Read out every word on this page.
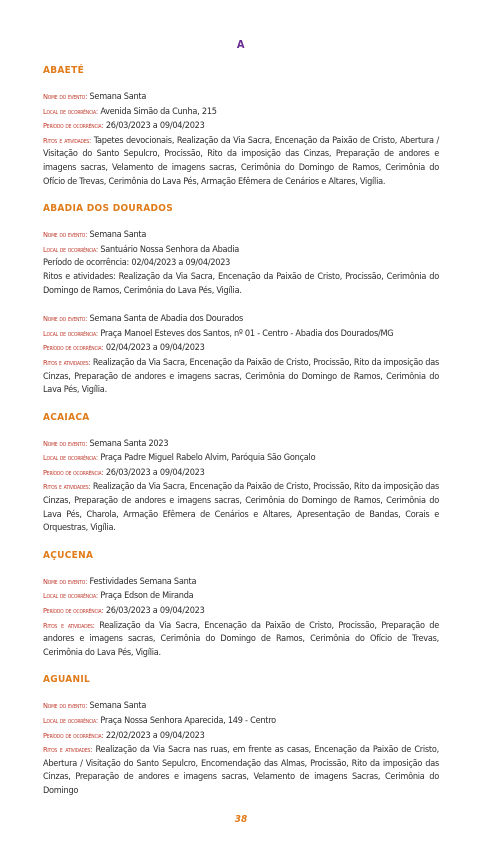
A
ABAETÉ
Nome do evento: Semana Santa
Local de ocorrência: Avenida Simão da Cunha, 215
Período de ocorrência: 26/03/2023 a 09/04/2023
Ritos e atividades: Tapetes devocionais, Realização da Via Sacra, Encenação da Paixão de Cristo, Abertura / Visitação do Santo Sepulcro, Procissão, Rito da imposição das Cinzas, Preparação de andores e imagens sacras, Velamento de imagens sacras, Cerimônia do Domingo de Ramos, Cerimônia do Ofício de Trevas, Cerimônia do Lava Pés, Armação Efêmera de Cenários e Altares, Vigília.
ABADIA DOS DOURADOS
Nome do evento: Semana Santa
Local de ocorrência: Santuário Nossa Senhora da Abadia
Período de ocorrência: 02/04/2023 a 09/04/2023
Ritos e atividades: Realização da Via Sacra, Encenação da Paixão de Cristo, Procissão, Cerimônia do Domingo de Ramos, Cerimônia do Lava Pés, Vigília.
Nome do evento: Semana Santa de Abadia dos Dourados
Local de ocorrência: Praça Manoel Esteves dos Santos, nº 01 - Centro - Abadia dos Dourados/MG
Período de ocorrência: 02/04/2023 a 09/04/2023
Ritos e atividades: Realização da Via Sacra, Encenação da Paixão de Cristo, Procissão, Rito da imposição das Cinzas, Preparação de andores e imagens sacras, Cerimônia do Domingo de Ramos, Cerimônia do Lava Pés, Vigília.
ACAIACA
Nome do evento: Semana Santa 2023
Local de ocorrência: Praça Padre Miguel Rabelo Alvim, Paróquia São Gonçalo
Período de ocorrência: 26/03/2023 a 09/04/2023
Ritos e atividades: Realização da Via Sacra, Encenação da Paixão de Cristo, Procissão, Rito da imposição das Cinzas, Preparação de andores e imagens sacras, Cerimônia do Domingo de Ramos, Cerimônia do Lava Pés, Charola, Armação Efêmera de Cenários e Altares, Apresentação de Bandas, Corais e Orquestras, Vigília.
AÇUCENA
Nome do evento: Festividades Semana Santa
Local de ocorrência: Praça Edson de Miranda
Período de ocorrência: 26/03/2023 a 09/04/2023
Ritos e atividades: Realização da Via Sacra, Encenação da Paixão de Cristo, Procissão, Preparação de andores e imagens sacras, Cerimônia do Domingo de Ramos, Cerimônia do Ofício de Trevas, Cerimônia do Lava Pés, Vigília.
AGUANIL
Nome do evento: Semana Santa
Local de ocorrência: Praça Nossa Senhora Aparecida, 149 - Centro
Período de ocorrência: 22/02/2023 a 09/04/2023
Ritos e atividades: Realização da Via Sacra nas ruas, em frente as casas, Encenação da Paixão de Cristo, Abertura / Visitação do Santo Sepulcro, Encomendação das Almas, Procissão, Rito da imposição das Cinzas, Preparação de andores e imagens sacras, Velamento de imagens Sacras, Cerimônia do Domingo
38
